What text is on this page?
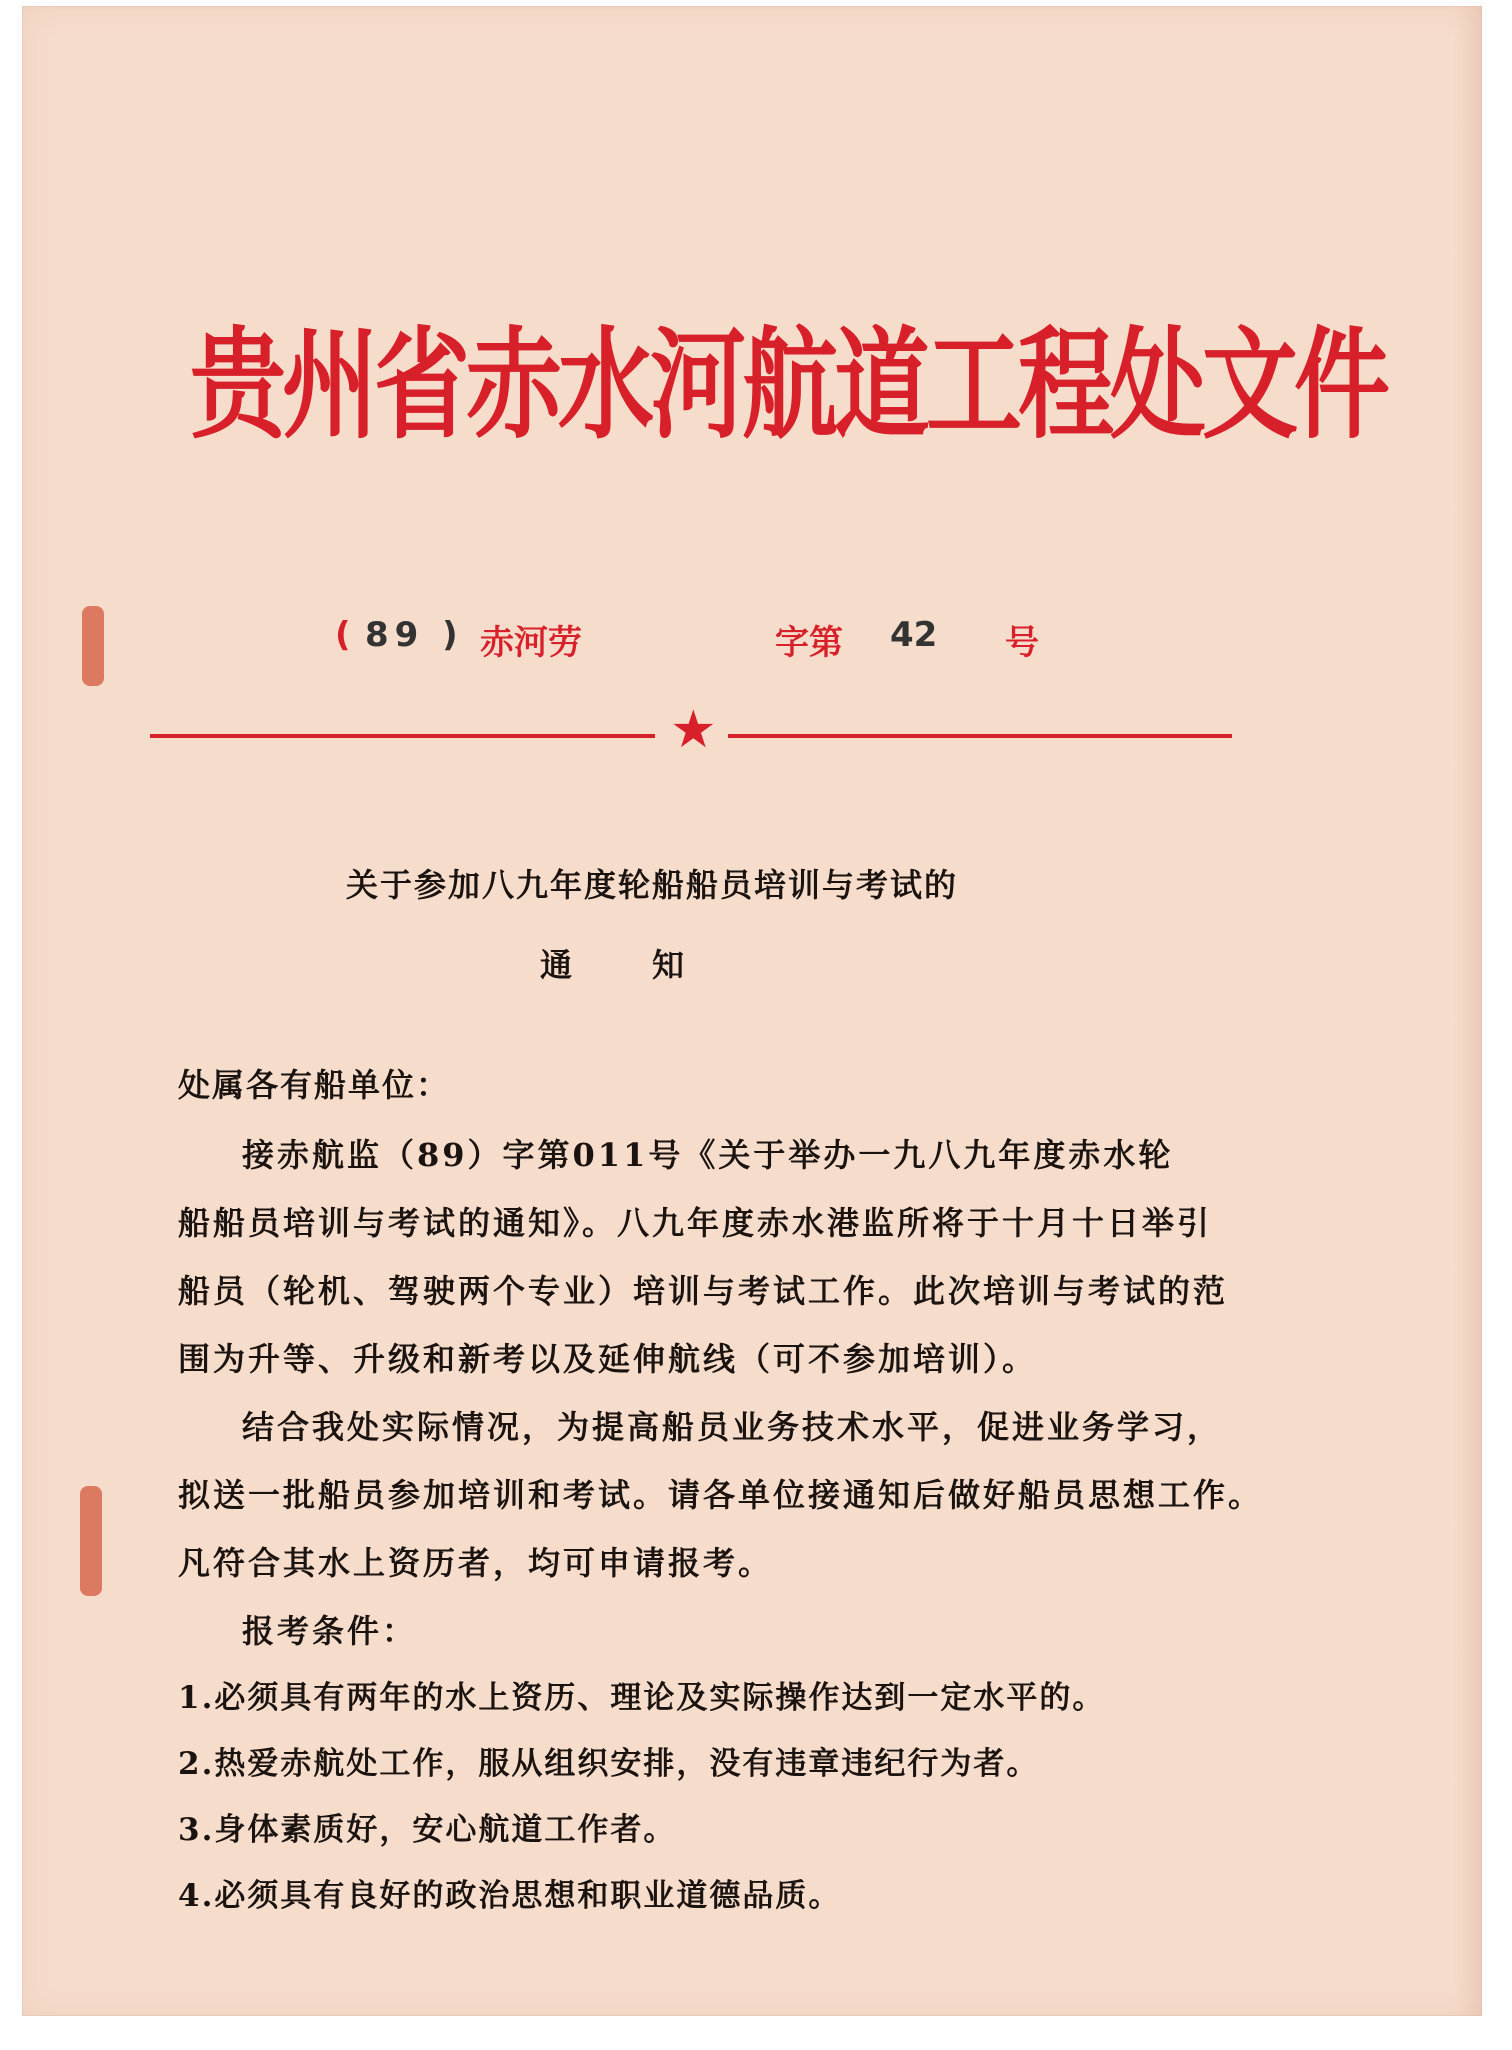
贵州省赤水河航道工程处文件
( 89 ) 赤河劳	字第 42 号
★
关于参加八九年度轮船船员培训与考试的
通知
处属各有船单位：
接赤航监（89）字第011号《关于举办一九八九年度赤水轮
船船员培训与考试的通知》。八九年度赤水港监所将于十月十日举引
船员（轮机、驾驶两个专业）培训与考试工作。此次培训与考试的范
围为升等、升级和新考以及延伸航线（可不参加培训）。
结合我处实际情况，为提高船员业务技术水平，促进业务学习，
拟送一批船员参加培训和考试。请各单位接通知后做好船员思想工作。
凡符合其水上资历者，均可申请报考。
报考条件：
1.必须具有两年的水上资历、理论及实际操作达到一定水平的。
2.热爱赤航处工作，服从组织安排，没有违章违纪行为者。
3.身体素质好，安心航道工作者。
4.必须具有良好的政治思想和职业道德品质。
